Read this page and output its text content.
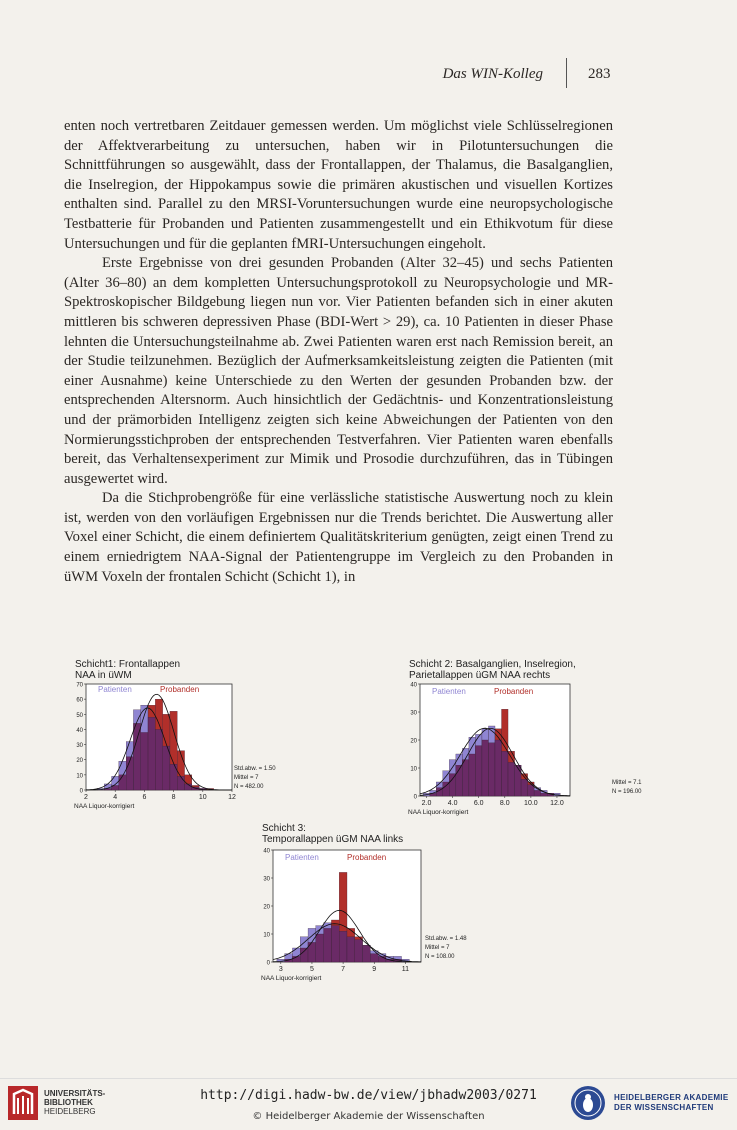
Das WIN-Kolleg	283

enten noch vertretbaren Zeitdauer gemessen werden. Um möglichst viele Schlüsselregionen der Affektverarbeitung zu untersuchen, haben wir in Pilotuntersuchungen die Schnittführungen so ausgewählt, dass der Frontallappen, der Thalamus, die Basalganglien, die Inselregion, der Hippokampus sowie die primären akustischen und visuellen Kortizes enthalten sind. Parallel zu den MRSI-Voruntersuchungen wurde eine neuropsychologische Testbatterie für Probanden und Patienten zusammengestellt und ein Ethikvotum für diese Untersuchungen und für die geplanten fMRI-Untersuchungen eingeholt.

Erste Ergebnisse von drei gesunden Probanden (Alter 32–45) und sechs Patienten (Alter 36–80) an dem kompletten Untersuchungsprotokoll zu Neuropsychologie und MR-Spektroskopischer Bildgebung liegen nun vor. Vier Patienten befanden sich in einer akuten mittleren bis schweren depressiven Phase (BDI-Wert > 29), ca. 10 Patienten in dieser Phase lehnten die Untersuchungsteilnahme ab. Zwei Patienten waren erst nach Remission bereit, an der Studie teilzunehmen. Bezüglich der Aufmerksamkeitsleistung zeigten die Patienten (mit einer Ausnahme) keine Unterschiede zu den Werten der gesunden Probanden bzw. der entsprechenden Altersnorm. Auch hinsichtlich der Gedächtnis- und Konzentrationsleistung und der prämorbiden Intelligenz zeigten sich keine Abweichungen der Patienten von den Normierungsstichproben der entsprechenden Testverfahren. Vier Patienten waren ebenfalls bereit, das Verhaltensexperiment zur Mimik und Prosodie durchzuführen, das in Tübingen ausgewertet wird.

Da die Stichprobengröße für eine verlässliche statistische Auswertung noch zu klein ist, werden von den vorläufigen Ergebnissen nur die Trends berichtet. Die Auswertung aller Voxel einer Schicht, die einem definiertem Qualitätskriterium genügten, zeigt einen Trend zu einem erniedrigtem NAA-Signal der Patientengruppe im Vergleich zu den Probanden in üWM Voxeln der frontalen Schicht (Schicht 1), in

Schicht1: Frontallappen
NAA in üWM
0
10
20
30
40
50
60
70
2	4	6	8	10	12
Patienten	Probanden
Std.abw. = 1.50
Mittel = 7
N = 482.00
NAA Liquor-korrigiert
Schicht 2: Basalganglien, Inselregion,
Parietallappen üGM NAA rechts
0
10
20
30
40
2.0 4.0 6.0 8.0 10.0 12.0
Patienten	Probanden
Mittel = 7.1
N = 196.00
NAA Liquor-korrigiert
Schicht 3:
Temporallappen üGM NAA links
0
10
20
30
40
3	5	7	9	11
Patienten	Probanden
Std.abw. = 1.48
Mittel = 7
N = 108.00
NAA Liquor-korrigiert
UNIVERSITÄTS-
BIBLIOTHEK
HEIDELBERG
http://digi.hadw-bw.de/view/jbhadw2003/0271
© Heidelberger Akademie der Wissenschaften
HEIDELBERGER AKADEMIE
DER WISSENSCHAFTEN
